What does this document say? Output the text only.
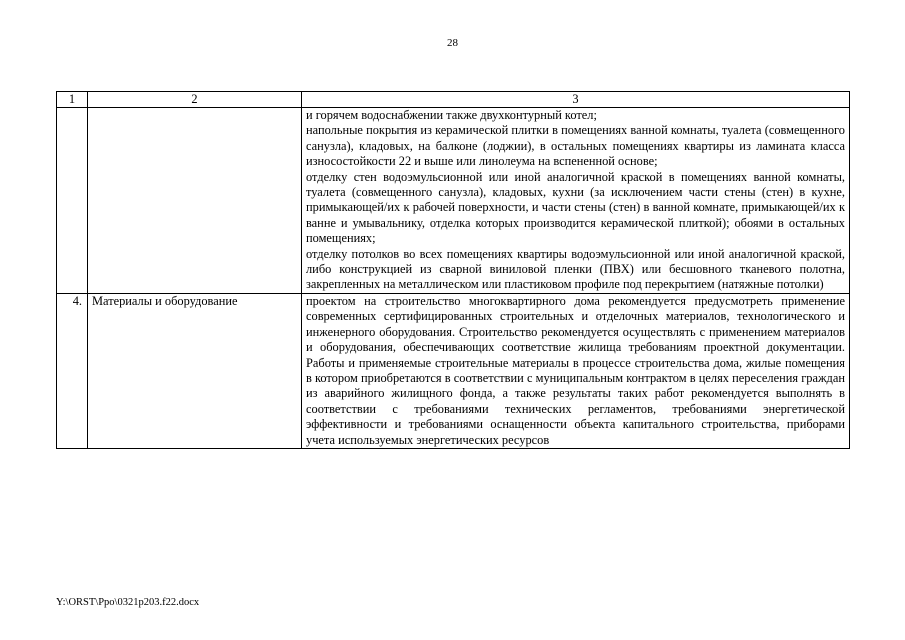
28
1	2	3

		и горячем водоснабжении также двухконтурный котел;
напольные покрытия из керамической плитки в помещениях ванной комнаты, туалета (совмещенного санузла), кладовых, на балконе (лоджии), в остальных помещениях квартиры из ламината класса износостойкости 22 и выше или линолеума на вспененной основе;
отделку стен водоэмульсионной или иной аналогичной краской в помещениях ванной комнаты, туалета (совмещенного санузла), кладовых, кухни (за исключением части стены (стен) в кухне, примыкающей/их к рабочей поверхности, и части стены (стен) в ванной комнате, примыкающей/их к ванне и умывальнику, отделка которых производится керамической плиткой); обоями в остальных помещениях;
отделку потолков во всех помещениях квартиры водоэмульсионной или иной аналогичной краской, либо конструкцией из сварной виниловой пленки (ПВХ) или бесшовного тканевого полотна, закрепленных на металлическом или пластиковом профиле под перекрытием (натяжные потолки)

4.	Материалы и оборудование	проектом на строительство многоквартирного дома рекомендуется предусмотреть применение современных сертифицированных строительных и отделочных материалов, технологического и инженерного оборудования. Строительство рекомендуется осуществлять с применением материалов и оборудования, обеспечивающих соответствие жилища требованиям проектной документации. Работы и применяемые строительные материалы в процессе строительства дома, жилые помещения в котором приобретаются в соответствии с муниципальным контрактом в целях переселения граждан из аварийного жилищного фонда, а также результаты таких работ рекомендуется выполнять в соответствии с требованиями технических регламентов, требованиями энергетической эффективности и требованиями оснащенности объекта капитального строительства, приборами учета используемых энергетических ресурсов
Y:\ORST\Ppo\0321p203.f22.docx
